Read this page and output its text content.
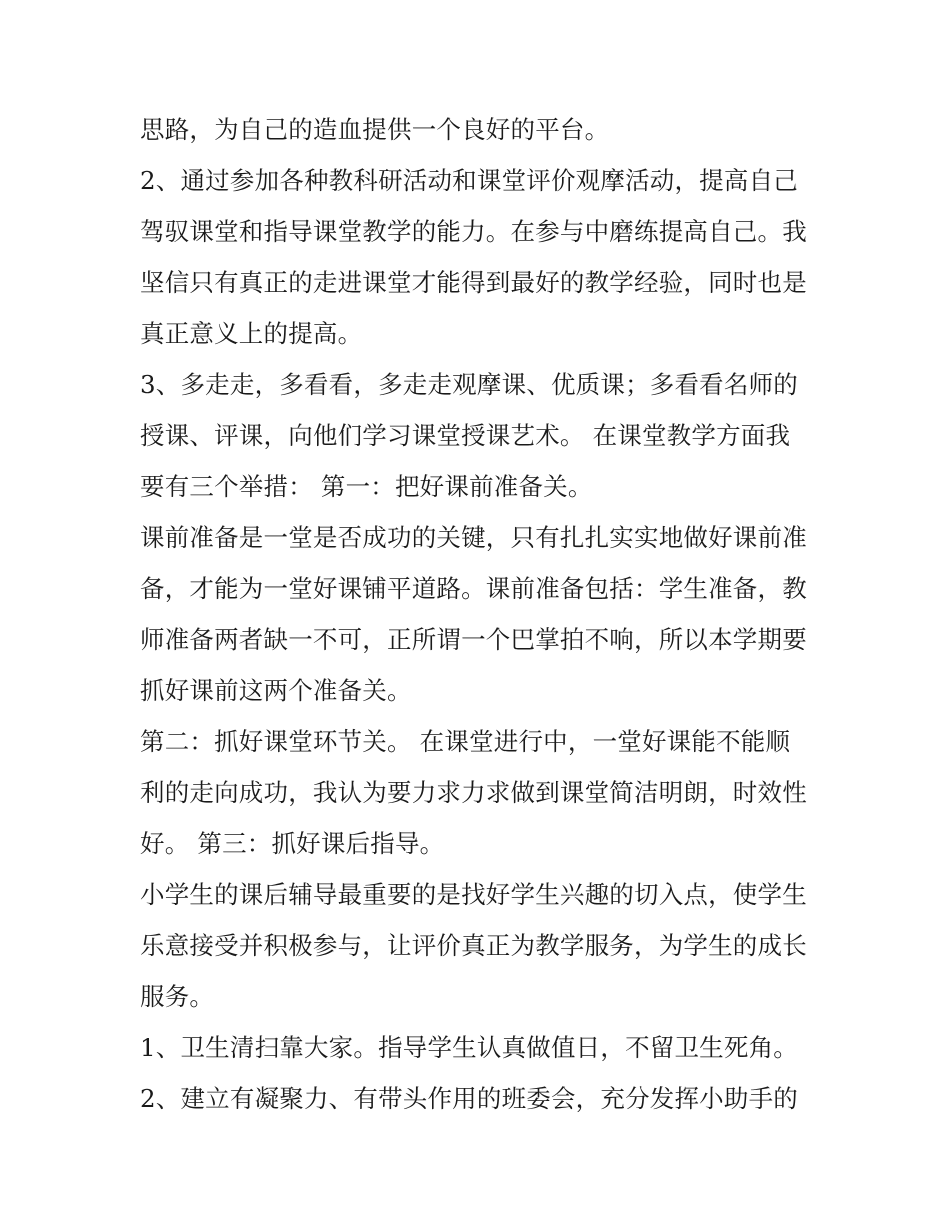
思路，为自己的造血提供一个良好的平台。
2、通过参加各种教科研活动和课堂评价观摩活动，提高自己
驾驭课堂和指导课堂教学的能力。在参与中磨练提高自己。我
坚信只有真正的走进课堂才能得到最好的教学经验，同时也是
真正意义上的提高。
3、多走走，多看看，多走走观摩课、优质课；多看看名师的
授课、评课，向他们学习课堂授课艺术。 在课堂教学方面我
要有三个举措： 第一：把好课前准备关。
课前准备是一堂是否成功的关键，只有扎扎实实地做好课前准
备，才能为一堂好课铺平道路。课前准备包括：学生准备，教
师准备两者缺一不可，正所谓一个巴掌拍不响，所以本学期要
抓好课前这两个准备关。
第二：抓好课堂环节关。 在课堂进行中，一堂好课能不能顺
利的走向成功，我认为要力求力求做到课堂简洁明朗，时效性
好。 第三：抓好课后指导。
小学生的课后辅导最重要的是找好学生兴趣的切入点，使学生
乐意接受并积极参与，让评价真正为教学服务，为学生的成长
服务。
1、卫生清扫靠大家。指导学生认真做值日，不留卫生死角。
2、建立有凝聚力、有带头作用的班委会，充分发挥小助手的
